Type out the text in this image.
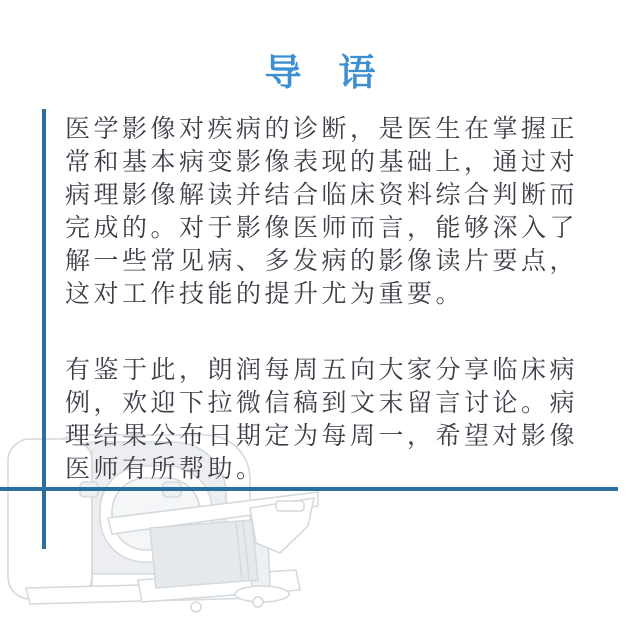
导 语

医学影像对疾病的诊断，是医生在掌握正常和基本病变影像表现的基础上，通过对病理影像解读并结合临床资料综合判断而完成的。对于影像医师而言，能够深入了解一些常见病、多发病的影像读片要点，这对工作技能的提升尤为重要。

有鉴于此，朗润每周五向大家分享临床病例，欢迎下拉微信稿到文末留言讨论。病理结果公布日期定为每周一，希望对影像医师有所帮助。
